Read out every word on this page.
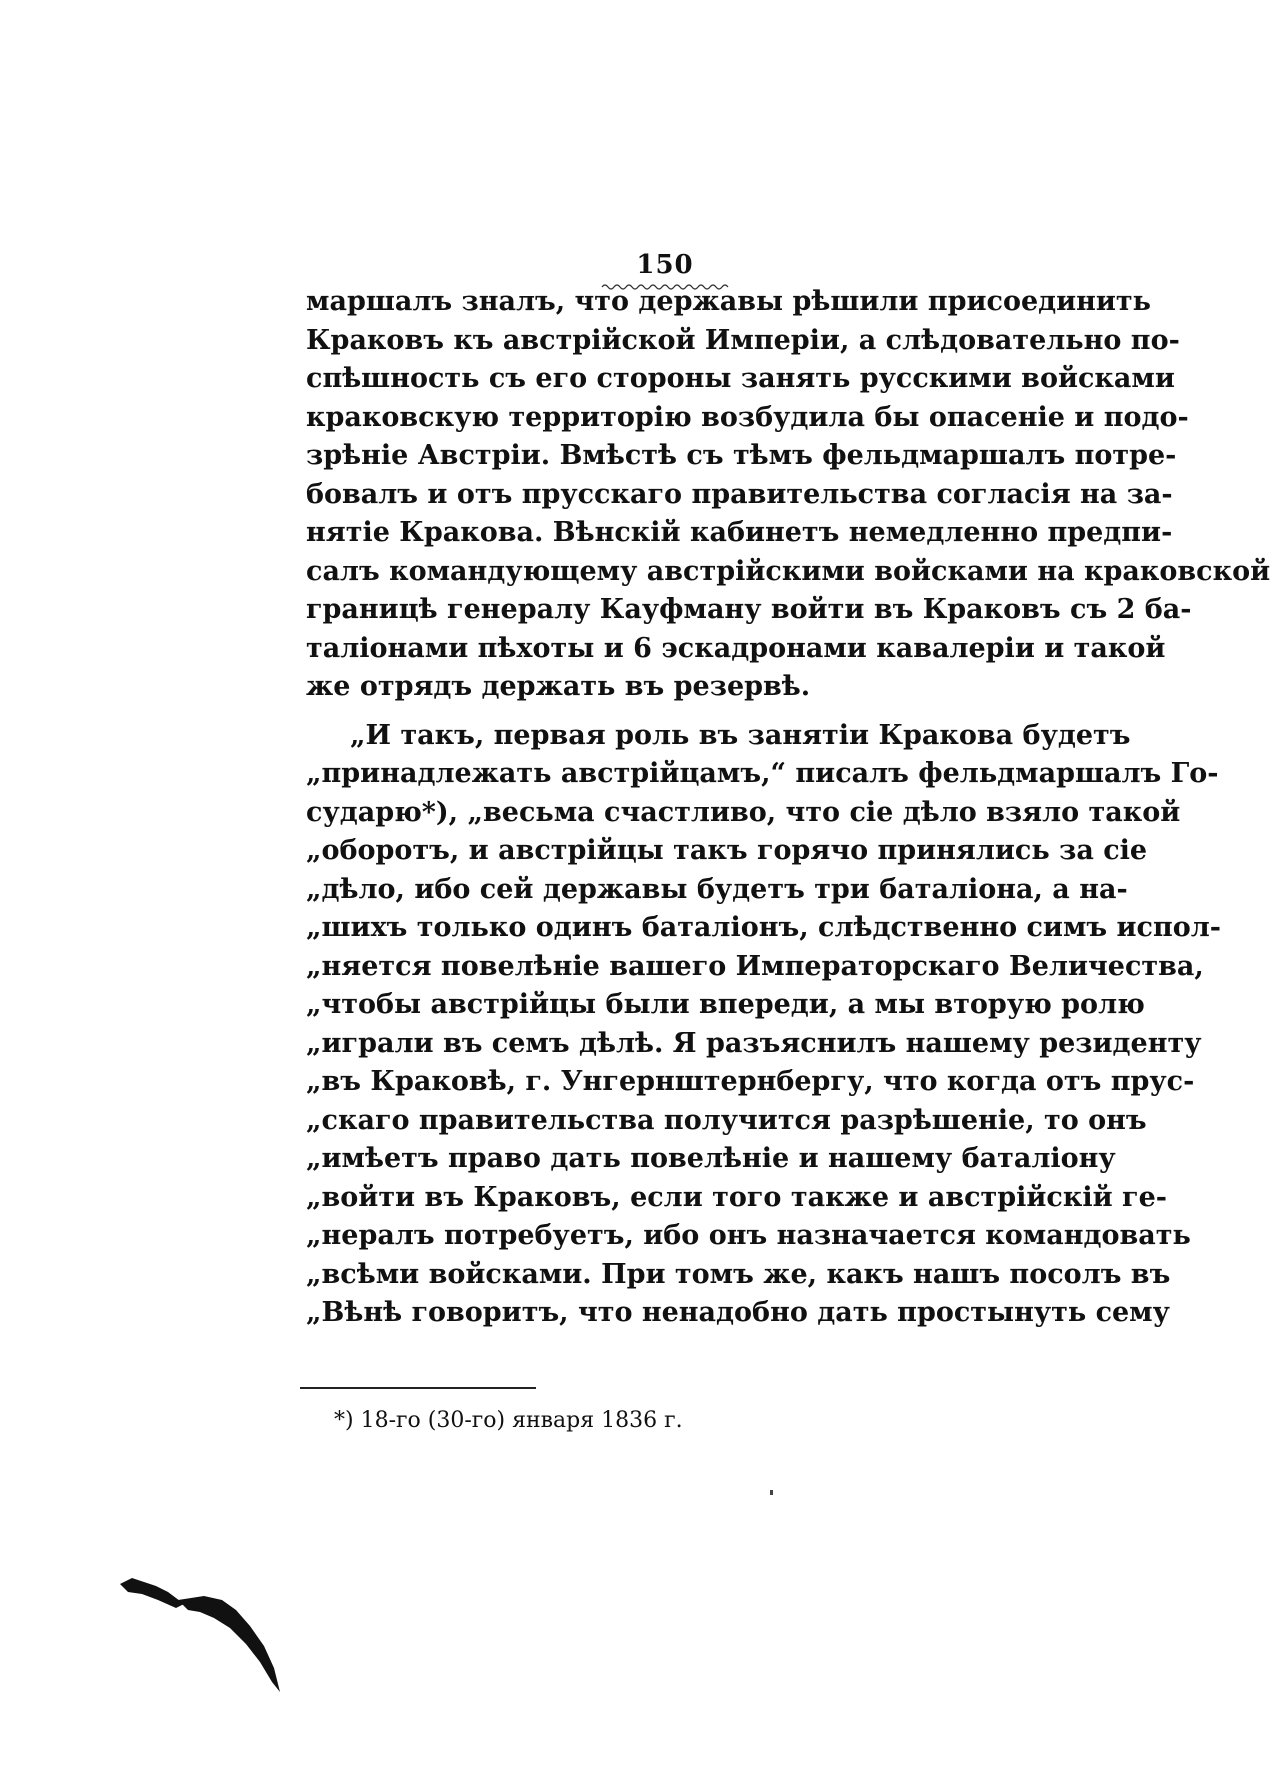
150
маршалъ зналъ, что державы рѣшили присоединить
Краковъ къ австрійской Имперіи, а слѣдовательно по-
спѣшность съ его стороны занять русскими войсками
краковскую территорію возбудила бы опасеніе и подо-
зрѣніе Австріи. Вмѣстѣ съ тѣмъ фельдмаршалъ потре-
бовалъ и отъ прусскаго правительства согласія на за-
нятіе Кракова. Вѣнскій кабинетъ немедленно предпи-
салъ командующему австрійскими войсками на краковской
границѣ генералу Кауфману войти въ Краковъ съ 2 ба-
таліонами пѣхоты и 6 эскадронами кавалеріи и такой
же отрядъ держать въ резервѣ.
„И такъ, первая роль въ занятіи Кракова будетъ
„принадлежать австрійцамъ,“ писалъ фельдмаршалъ Го-
сударю*), „весьма счастливо, что сіе дѣло взяло такой
„оборотъ, и австрійцы такъ горячо принялись за сіе
„дѣло, ибо сей державы будетъ три баталіона, а на-
„шихъ только одинъ баталіонъ, слѣдственно симъ испол-
„няется повелѣніе вашего Императорскаго Величества,
„чтобы австрійцы были впереди, а мы вторую ролю
„играли въ семъ дѣлѣ. Я разъяснилъ нашему резиденту
„въ Краковѣ, г. Унгернштернбергу, что когда отъ прус-
„скаго правительства получится разрѣшеніе, то онъ
„имѣетъ право дать повелѣніе и нашему баталіону
„войти въ Краковъ, если того также и австрійскій ге-
„нералъ потребуетъ, ибо онъ назначается командовать
„всѣми войсками. При томъ же, какъ нашъ посолъ въ
„Вѣнѣ говоритъ, что ненадобно дать простынуть сему
*) 18-го (30-го) января 1836 г.
